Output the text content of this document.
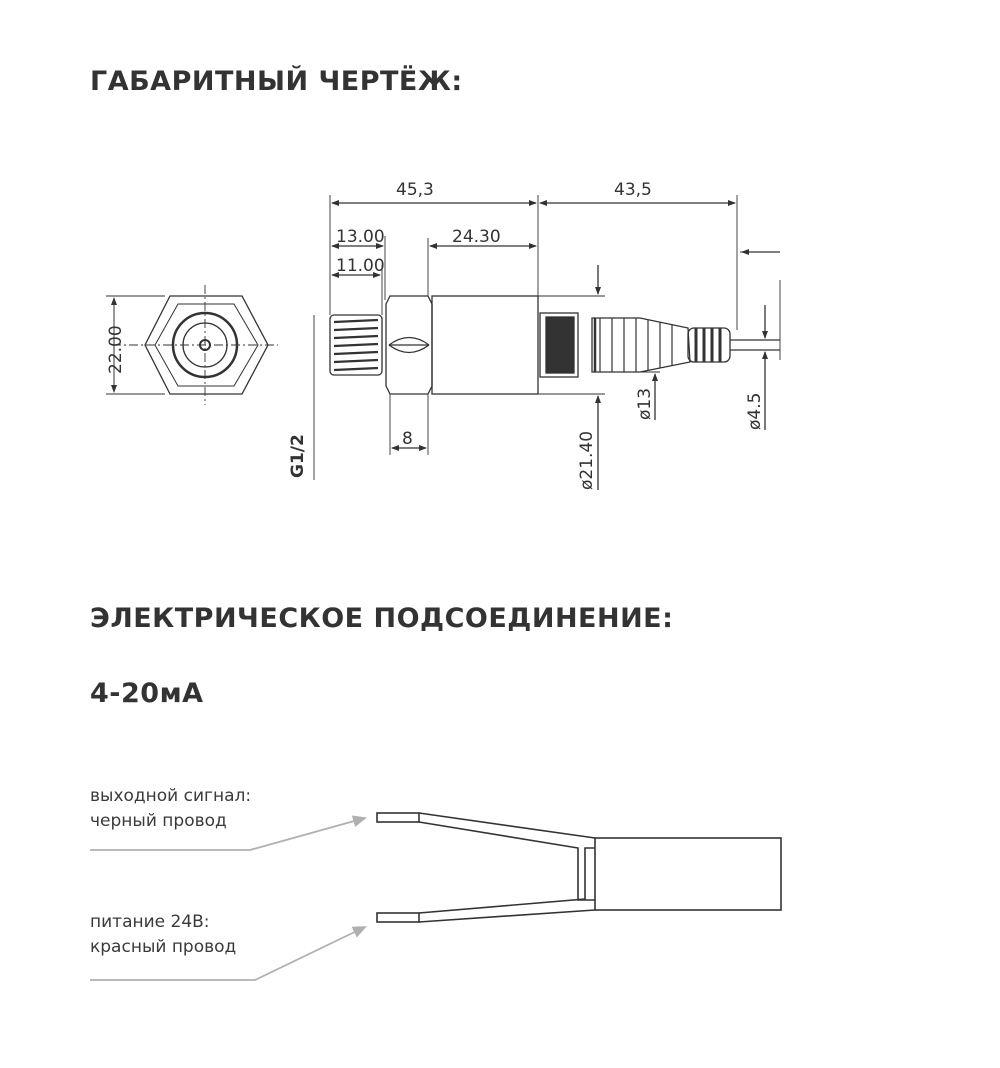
ГАБАРИТНЫЙ ЧЕРТЁЖ:
ЭЛЕКТРИЧЕСКОЕ ПОДСОЕДИНЕНИЕ:
4-20мА
45,3	43,5
13.00
11.00
24.30
8
22.00
G1/2	ø21.40
ø13	ø4.5
выходной сигнал:
черный провод
питание 24В:
красный провод
